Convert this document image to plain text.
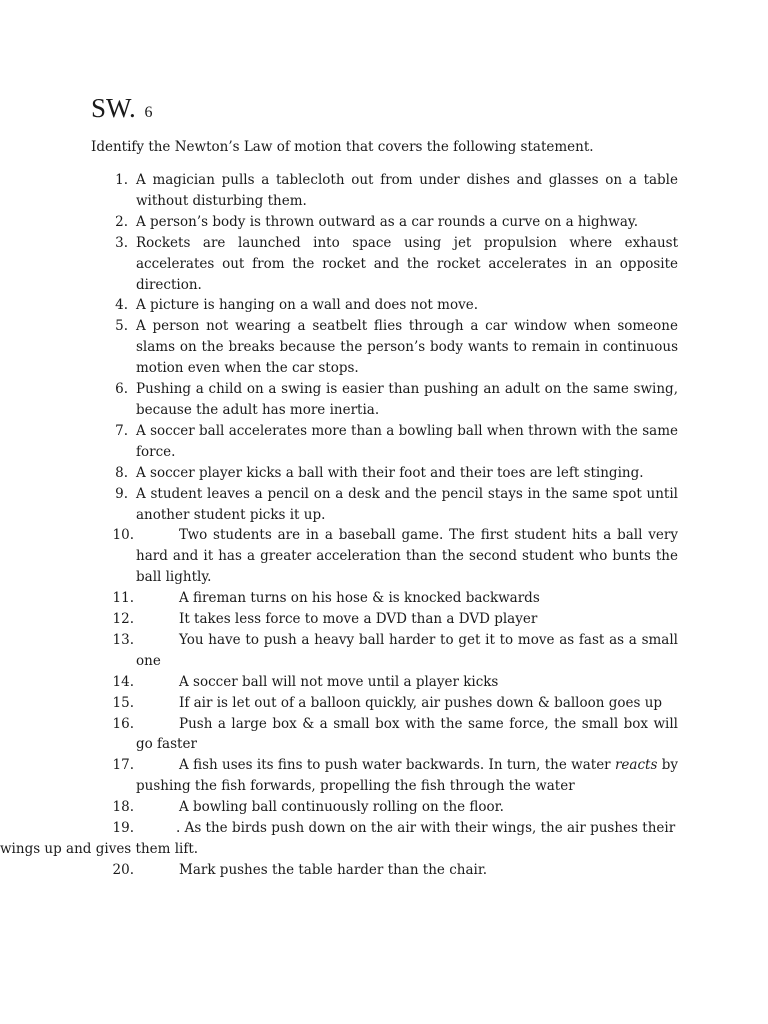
SW. 6

Identify the Newton’s Law of motion that covers the following statement.

1. A magician pulls a tablecloth out from under dishes and glasses on a table without disturbing them.
2. A person’s body is thrown outward as a car rounds a curve on a highway.
3. Rockets are launched into space using jet propulsion where exhaust accelerates out from the rocket and the rocket accelerates in an opposite direction.
4. A picture is hanging on a wall and does not move.
5. A person not wearing a seatbelt flies through a car window when someone slams on the breaks because the person’s body wants to remain in continuous motion even when the car stops.
6. Pushing a child on a swing is easier than pushing an adult on the same swing, because the adult has more inertia.
7. A soccer ball accelerates more than a bowling ball when thrown with the same force.
8. A soccer player kicks a ball with their foot and their toes are left stinging.
9. A student leaves a pencil on a desk and the pencil stays in the same spot until another student picks it up.
10.	Two students are in a baseball game. The first student hits a ball very hard and it has a greater acceleration than the second student who bunts the ball lightly.
11.	A fireman turns on his hose & is knocked backwards
12.	It takes less force to move a DVD than a DVD player
13.	You have to push a heavy ball harder to get it to move as fast as a small one
14.	A soccer ball will not move until a player kicks
15.	If air is let out of a balloon quickly, air pushes down & balloon goes up
16.	Push a large box & a small box with the same force, the small box will go faster
17.	A fish uses its fins to push water backwards. In turn, the water reacts by pushing the fish forwards, propelling the fish through the water
18.	A bowling ball continuously rolling on the floor.
19.	. As the birds push down on the air with their wings, the air pushes their wings up and gives them lift.
20.	Mark pushes the table harder than the chair.
